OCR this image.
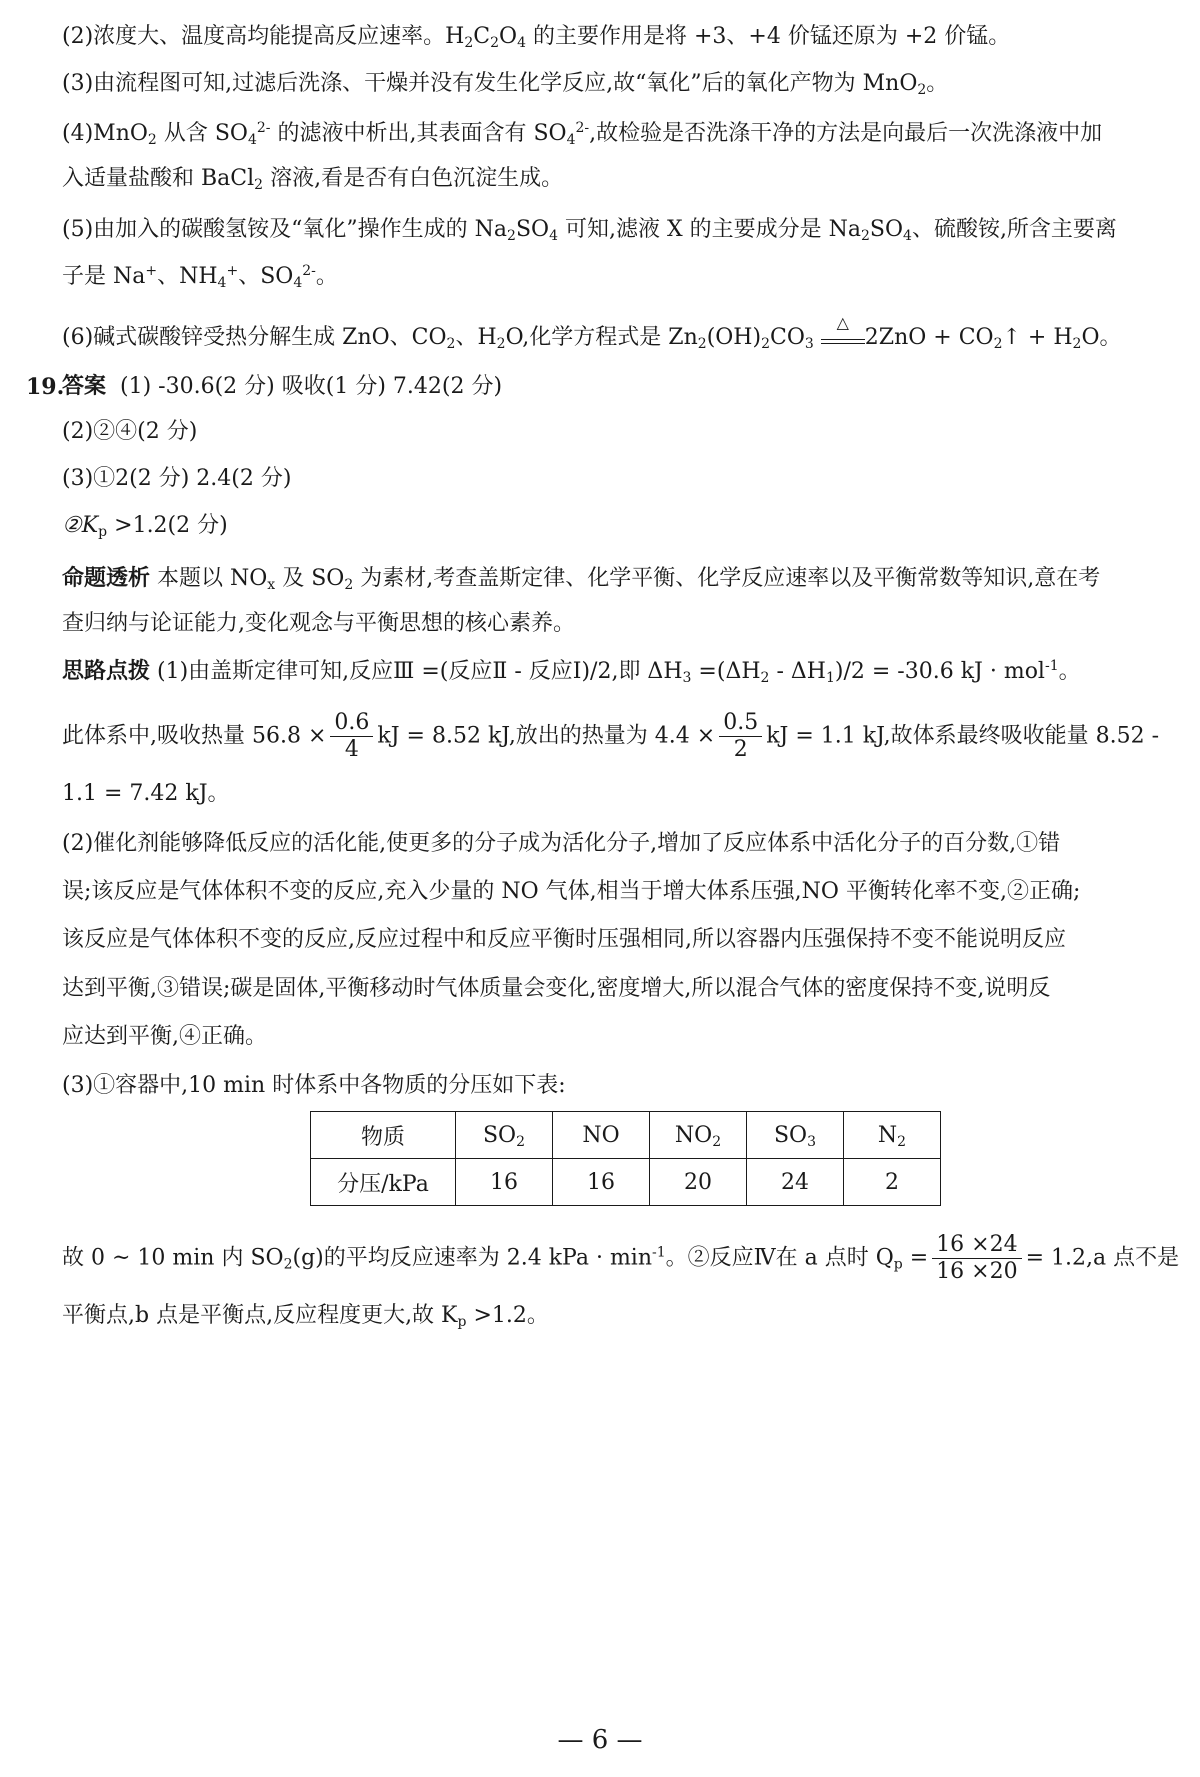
(2)浓度大、温度高均能提高反应速率。$H_2C_2O_4$ 的主要作用是将 +3、+4 价锰还原为 +2 价锰。
(3)由流程图可知,过滤后洗涤、干燥并没有发生化学反应,故“氧化”后的氧化产物为 MnO$_2$。
(4)MnO$_2$ 从含 $SO_4^{2-}$ 的滤液中析出,其表面含有 $SO_4^{2-}$,故检验是否洗涤干净的方法是向最后一次洗涤液中加
入适量盐酸和 BaCl$_2$ 溶液,看是否有白色沉淀生成。
(5)由加入的碳酸氢铵及“氧化”操作生成的 $Na_2SO_4$ 可知,滤液 X 的主要成分是 $Na_2SO_4$、硫酸铵,所含主要离
子是 Na+、$NH_4^+$、$SO_4^{2-}$。
(6)碱式碳酸锌受热分解生成 ZnO、$CO_2$、$H_2O$,化学方程式是 $Zn_2(OH)_2CO_3$
△
$2ZnO + CO_2↑ + H_2O$。
19.
答案 (1) -30.6(2 分) 吸收(1 分) 7.42(2 分)
(2)②④(2 分)
(3)①2(2 分) 2.4(2 分)
$②K_p >1.2(2$ 分)
命题透析 本题以 $NO_x$ 及 $SO_2$ 为素材,考查盖斯定律、化学平衡、化学反应速率以及平衡常数等知识,意在考
查归纳与论证能力,变化观念与平衡思想的核心素养。
思路点拨 (1)由盖斯定律可知,反应Ⅲ =(反应Ⅱ - 反应Ⅰ)/2,即 $\Delta H_3 =(\Delta H_2 - \Delta H_1)/2 = -30.6$ kJ · mol$^{-1}$。
此体系中,吸收热量 $56.8 \times \frac{0.6}{4}$ kJ = 8.52 kJ,放出的热量为 $4.4 \times \frac{0.5}{2}$ kJ = 1.1 kJ,故体系最终吸收能量 8.52 -
1.1 = 7.42 kJ。
(2)催化剂能够降低反应的活化能,使更多的分子成为活化分子,增加了反应体系中活化分子的百分数,①错
误;该反应是气体体积不变的反应,充入少量的 NO 气体,相当于增大体系压强,NO 平衡转化率不变,②正确;
该反应是气体体积不变的反应,反应过程中和反应平衡时压强相同,所以容器内压强保持不变不能说明反应
达到平衡,③错误;碳是固体,平衡移动时气体质量会变化,密度增大,所以混合气体的密度保持不变,说明反
应达到平衡,④正确。
(3)①容器中,10 min 时体系中各物质的分压如下表:
物质	$SO_2$	NO	$NO_2$	$SO_3$	$N_2$
分压/kPa	16	16	20	24	2
故 0 ~ 10 min 内 $SO_2(g)$的平均反应速率为 2.4 kPa · $\min^{-1}$。②反应Ⅳ在 a 点时 $Q_p = \frac{16 \times 24}{16 \times 20} = 1.2,a$ 点不是
平衡点,b 点是平衡点,反应程度更大,故 $K_p >1.2$。
— 6 —
